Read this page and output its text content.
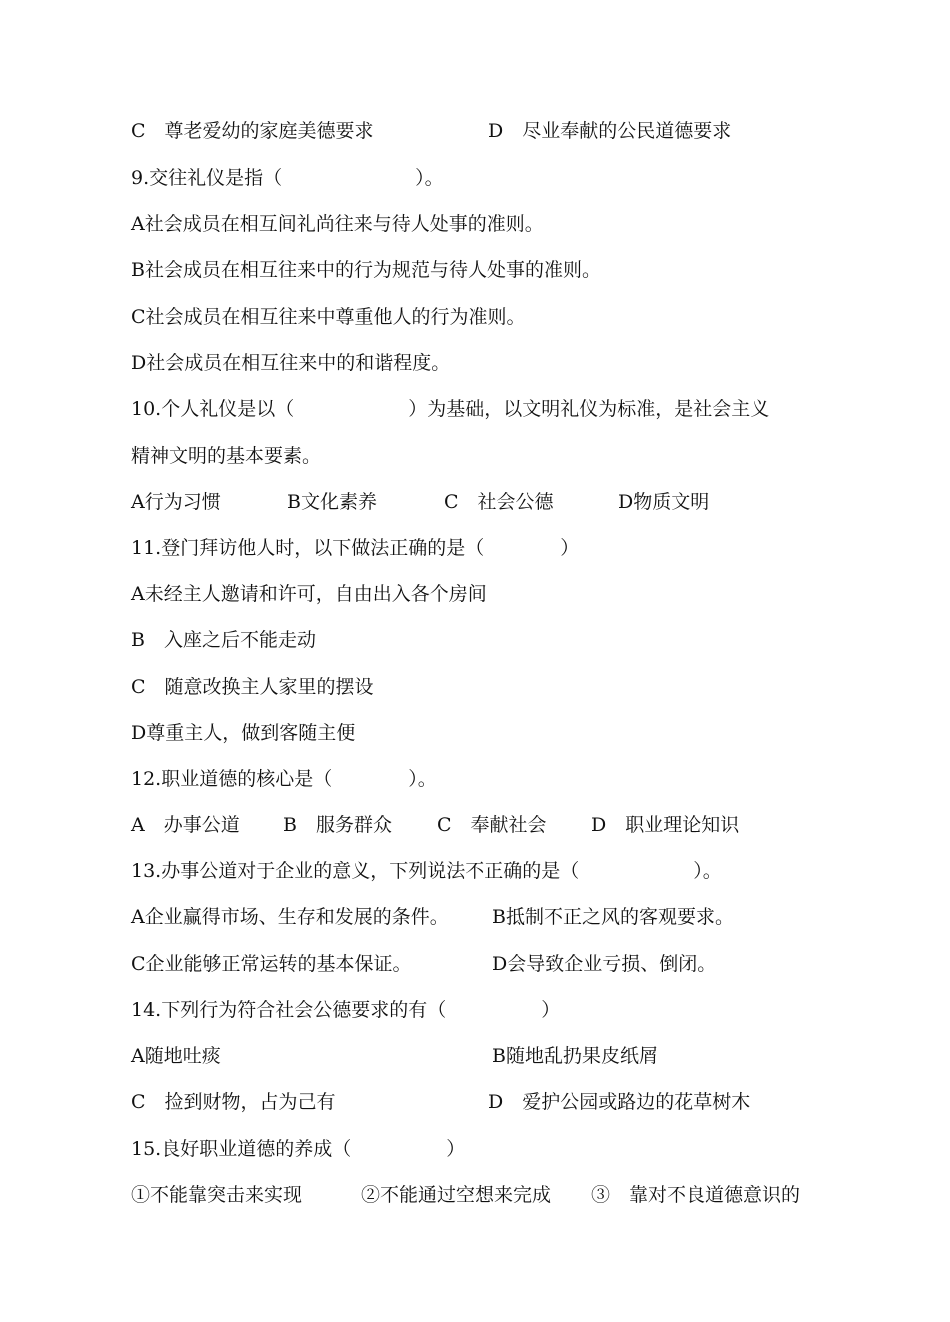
C　尊老爱幼的家庭美德要求

	D　尽业奉献的公民道德要求

9.交往礼仪是指（　　　　　　　）。

A社会成员在相互间礼尚往来与待人处事的准则。

B社会成员在相互往来中的行为规范与待人处事的准则。

C社会成员在相互往来中尊重他人的行为准则。

D社会成员在相互往来中的和谐程度。

10.个人礼仪是以（　　　　　　）为基础，以文明礼仪为标准，是社会主义

精神文明的基本要素。

A行为习惯

	B文化素养

	C　社会公德

	D物质文明

11.登门拜访他人时，以下做法正确的是（　　　　）

A未经主人邀请和许可，自由出入各个房间

B　入座之后不能走动

C　随意改换主人家里的摆设

D尊重主人，做到客随主便

12.职业道德的核心是（　　　　）。

A　办事公道

B　服务群众

C　奉献社会

D　职业理论知识

13.办事公道对于企业的意义，下列说法不正确的是（　　　　　　）。

A企业赢得市场、生存和发展的条件。

B抵制不正之风的客观要求。

C企业能够正常运转的基本保证。

	D会导致企业亏损、倒闭。

14.下列行为符合社会公德要求的有（　　　　　）

A随地吐痰

	B随地乱扔果皮纸屑

C　捡到财物，占为己有

	D　爱护公园或路边的花草树木

15.良好职业道德的养成（　　　　　）

①不能靠突击来实现

	②不能通过空想来完成

③　靠对不良道德意识的
